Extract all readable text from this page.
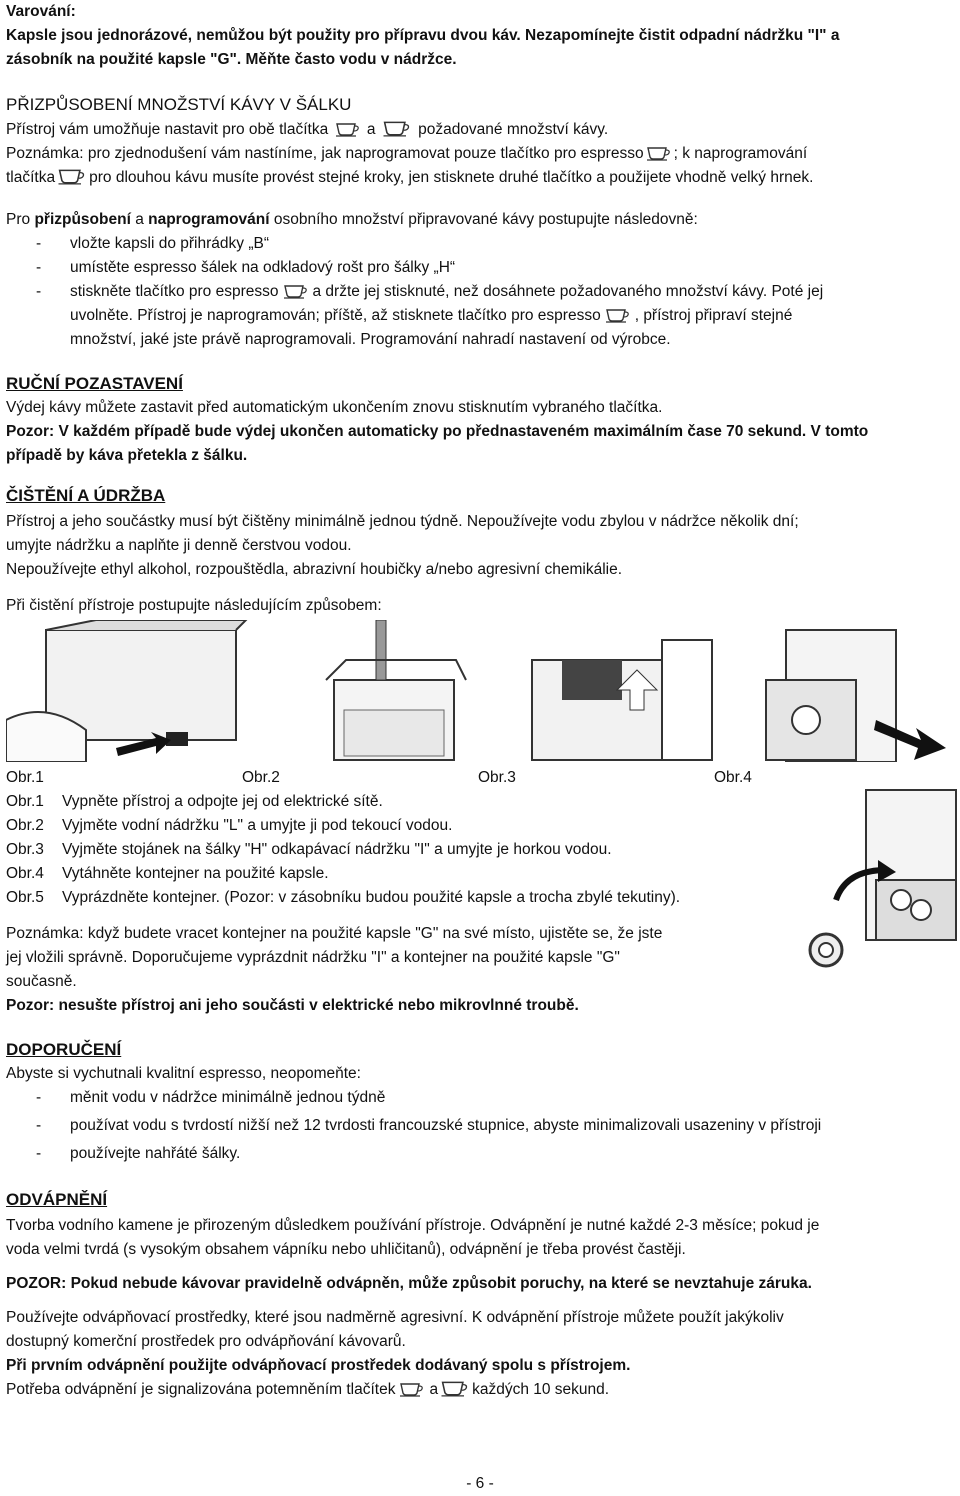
Varování:
Kapsle jsou jednorázové, nemůžou být použity pro přípravu dvou káv. Nezapomínejte čistit odpadní nádržku "I" a
zásobník na použité kapsle "G". Měňte často vodu v nádržce.
PŘIZPŮSOBENÍ MNOŽSTVÍ KÁVY V ŠÁLKU
Přístroj vám umožňuje nastavit pro obě tlačítka a	požadované množství kávy.
Poznámka: pro zjednodušení vám nastíníme, jak naprogramovat pouze tlačítko pro espresso ; k naprogramování
tlačítka pro dlouhou kávu musíte provést stejné kroky, jen stisknete druhé tlačítko a použijete vhodně velký hrnek.
Pro přizpůsobení a naprogramování osobního množství připravované kávy postupujte následovně:
- vložte kapsli do přihrádky „B“
- umístěte espresso šálek na odkladový rošt pro šálky „H“
- stiskněte tlačítko pro espresso a držte jej stisknuté, než dosáhnete požadovaného množství kávy. Poté jej
uvolněte. Přístroj je naprogramován; příště, až stisknete tlačítko pro espresso , přístroj připraví stejné
množství, jaké jste právě naprogramovali. Programování nahradí nastavení od výrobce.
RUČNÍ POZASTAVENÍ
Výdej kávy můžete zastavit před automatickým ukončením znovu stisknutím vybraného tlačítka.
Pozor: V každém případě bude výdej ukončen automaticky po přednastaveném maximálním čase 70 sekund. V tomto
případě by káva přetekla z šálku.
ČIŠTĚNÍ A ÚDRŽBA
Přístroj a jeho součástky musí být čištěny minimálně jednou týdně. Nepoužívejte vodu zbylou v nádržce několik dní;
umyjte nádržku a naplňte ji denně čerstvou vodou.
Nepoužívejte ethyl alkohol, rozpouštědla, abrazivní houbičky a/nebo agresivní chemikálie.
Při čistění přístroje postupujte následujícím způsobem:
Obr.1	Obr.2	Obr.3	Obr.4
Obr.1 Vypněte přístroj a odpojte jej od elektrické sítě.
Obr.2 Vyjměte vodní nádržku "L" a umyjte ji pod tekoucí vodou.
Obr.3 Vyjměte stojánek na šálky "H" odkapávací nádržku "I" a umyjte je horkou vodou.
Obr.4 Vytáhněte kontejner na použité kapsle.
Obr.5 Vyprázdněte kontejner. (Pozor: v zásobníku budou použité kapsle a trocha zbylé tekutiny).
Poznámka: když budete vracet kontejner na použité kapsle "G" na své místo, ujistěte se, že jste
jej vložili správně. Doporučujeme vyprázdnit nádržku "I" a kontejner na použité kapsle "G"
současně.
Pozor: nesušte přístroj ani jeho součásti v elektrické nebo mikrovlnné troubě.
DOPORUČENÍ
Abyste si vychutnali kvalitní espresso, neopomeňte:
- měnit vodu v nádržce minimálně jednou týdně
- používat vodu s tvrdostí nižší než 12 tvrdosti francouzské stupnice, abyste minimalizovali usazeniny v přístroji
- používejte nahřáté šálky.
ODVÁPNĚNÍ
Tvorba vodního kamene je přirozeným důsledkem používání přístroje. Odvápnění je nutné každé 2-3 měsíce; pokud je
voda velmi tvrdá (s vysokým obsahem vápníku nebo uhličitanů), odvápnění je třeba provést častěji.
POZOR: Pokud nebude kávovar pravidelně odvápněn, může způsobit poruchy, na které se nevztahuje záruka.
Používejte odvápňovací prostředky, které jsou nadměrně agresivní. K odvápnění přístroje můžete použít jakýkoliv
dostupný komerční prostředek pro odvápňování kávovarů.
Při prvním odvápnění použijte odvápňovací prostředek dodávaný spolu s přístrojem.
Potřeba odvápnění je signalizována potemněním tlačítek a každých 10 sekund.
- 6 -
